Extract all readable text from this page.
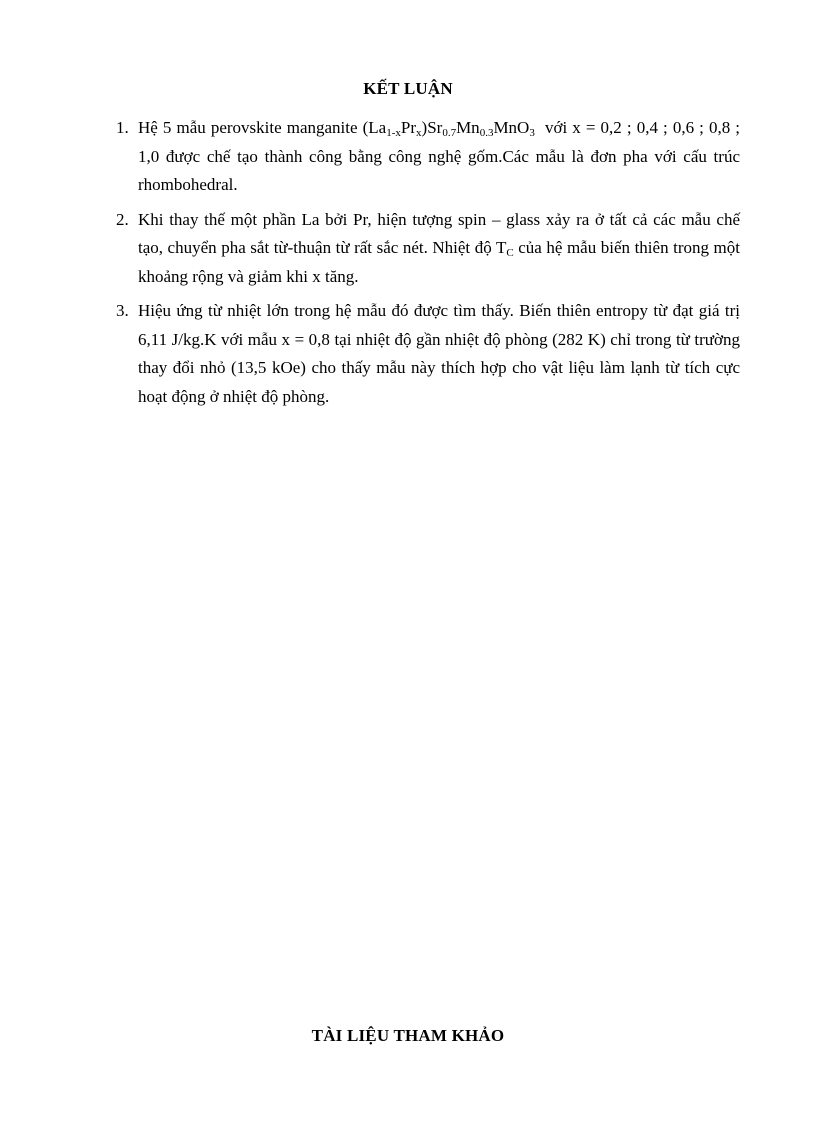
KẾT LUẬN
1. Hệ 5 mẫu perovskite manganite $(La_{1-x}Pr_x)Sr_{0.7}Mn_{0.3}MnO_3$ với x = 0,2 ; 0,4 ; 0,6 ; 0,8 ; 1,0 được chế tạo thành công bằng công nghệ gốm.Các mẫu là đơn pha với cấu trúc rhombohedral.
2. Khi thay thế một phần La bởi Pr, hiện tượng spin – glass xảy ra ở tất cả các mẫu chế tạo, chuyển pha sắt từ-thuận từ rất sắc nét. Nhiệt độ $T_C$ của hệ mẫu biến thiên trong một khoảng rộng và giảm khi x tăng.
3. Hiệu ứng từ nhiệt lớn trong hệ mẫu đó được tìm thấy. Biến thiên entropy từ đạt giá trị 6,11 J/kg.K với mẫu x = 0,8 tại nhiệt độ gần nhiệt độ phòng (282 K) chỉ trong từ trường thay đổi nhỏ (13,5 kOe) cho thấy mẫu này thích hợp cho vật liệu làm lạnh từ tích cực hoạt động ở nhiệt độ phòng.
TÀI LIỆU THAM KHẢO
